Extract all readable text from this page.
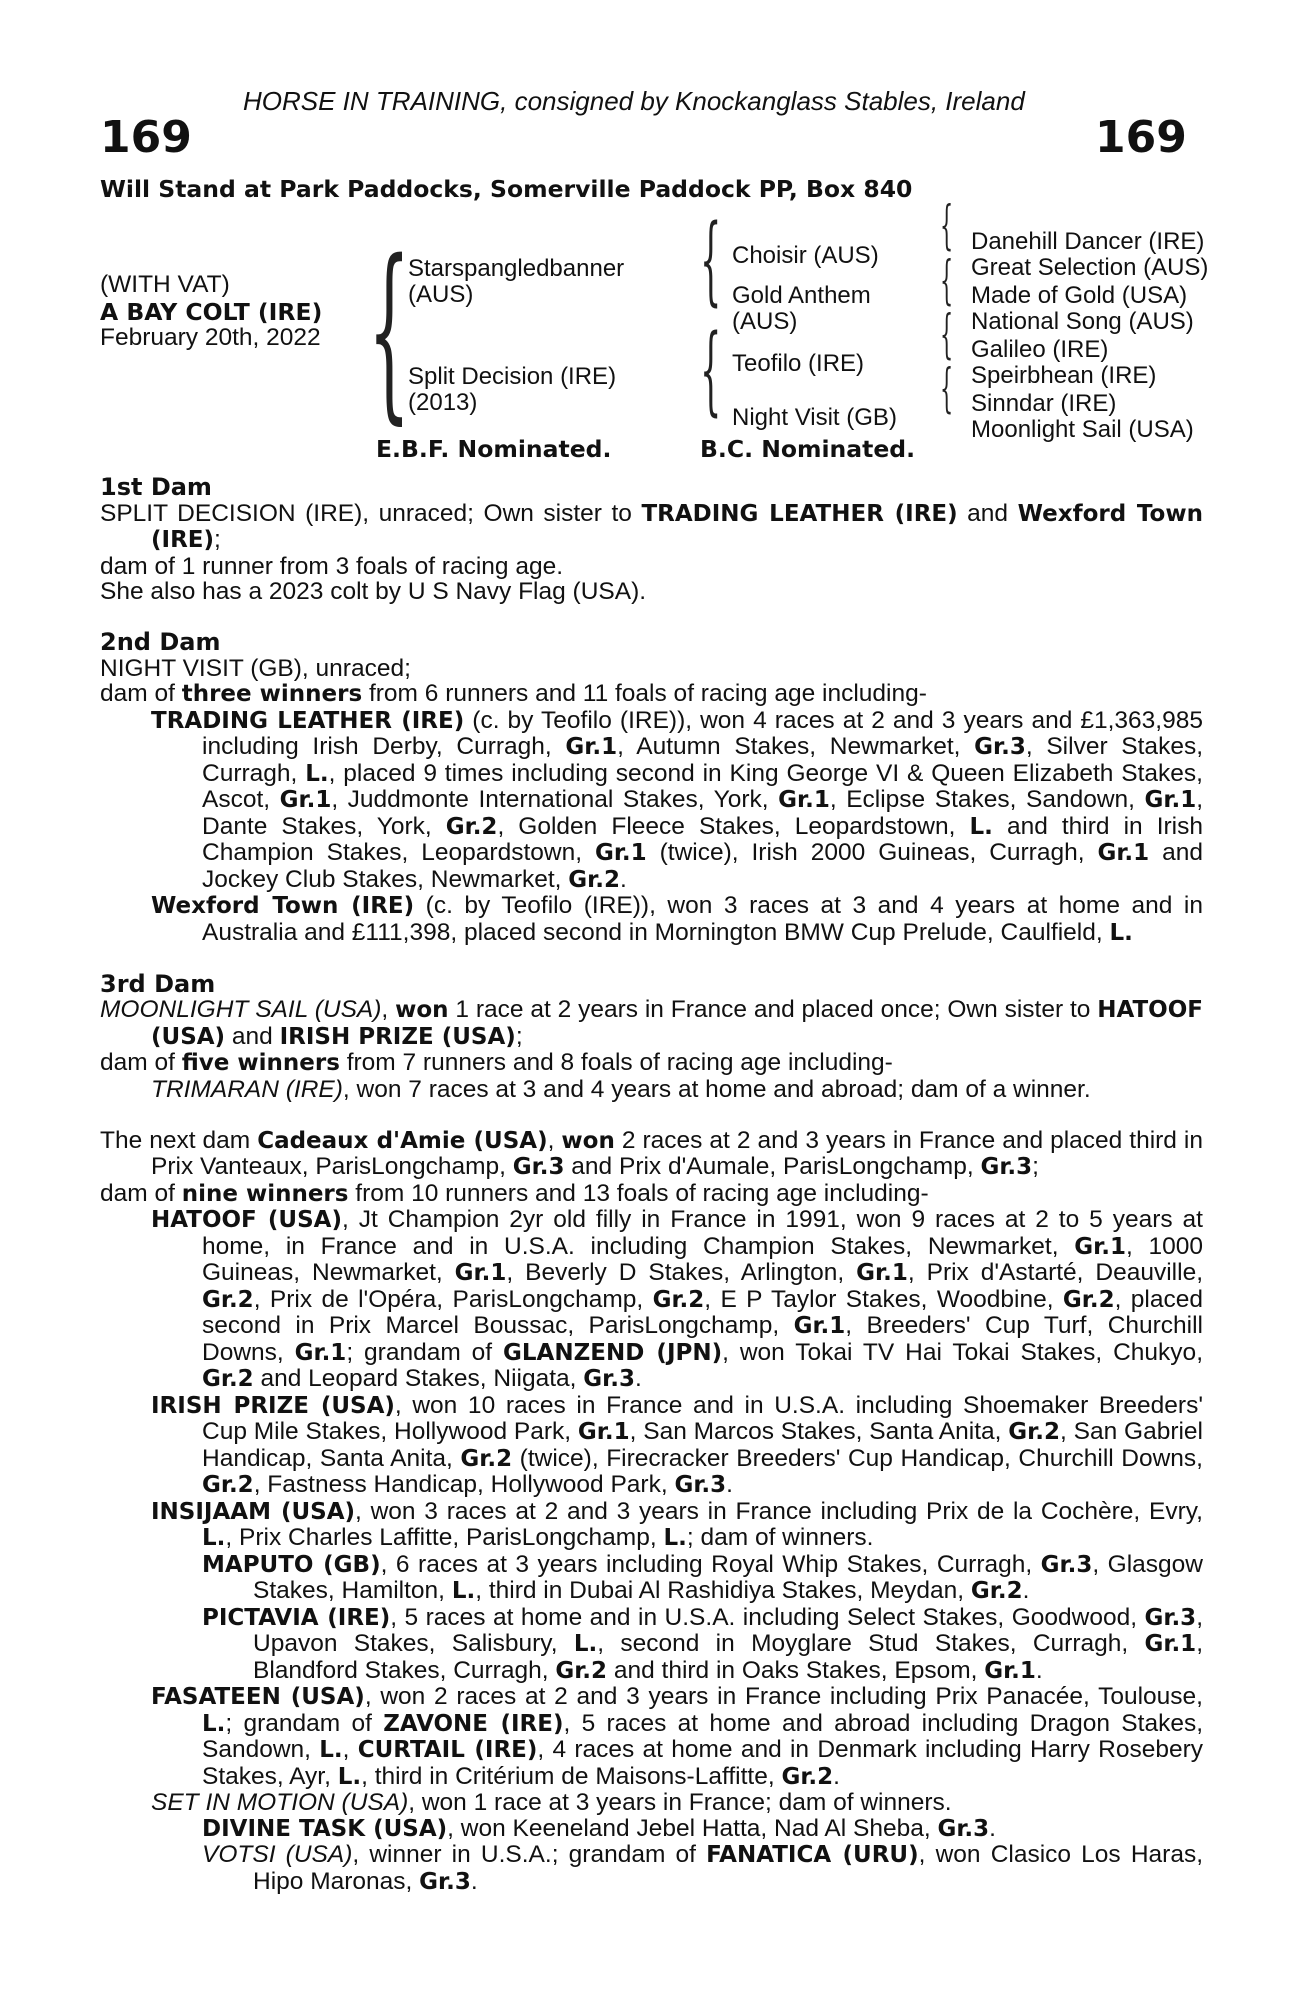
HORSE IN TRAINING, consigned by Knockanglass Stables, Ireland

169	169

Will Stand at Park Paddocks, Somerville Paddock PP, Box 840

(WITH VAT)

A BAY COLT (IRE)

February 20th, 2022 {	{
{
{
{
{
{

Starspangledbanner
(AUS)

Split Decision (IRE)
(2013)

Choisir (AUS)

Gold Anthem
(AUS)

Teofilo (IRE)

Night Visit (GB)

Danehill Dancer (IRE)

Great Selection (AUS)

Made of Gold (USA)

National Song (AUS)

Galileo (IRE)

Speirbhean (IRE)

Sinndar (IRE)

Moonlight Sail (USA)

E.B.F. Nominated.	B.C. Nominated.

1st Dam

SPLIT DECISION (IRE), unraced; Own sister to TRADING LEATHER (IRE) and Wexford Town (IRE);

dam of 1 runner from 3 foals of racing age.

She also has a 2023 colt by U S Navy Flag (USA).

2nd Dam

NIGHT VISIT (GB), unraced;

dam of three winners from 6 runners and 11 foals of racing age including-

TRADING LEATHER (IRE) (c. by Teofilo (IRE)), won 4 races at 2 and 3 years and £1,363,985 including Irish Derby, Curragh, Gr.1, Autumn Stakes, Newmarket, Gr.3, Silver Stakes, Curragh, L., placed 9 times including second in King George VI & Queen Elizabeth Stakes, Ascot, Gr.1, Juddmonte International Stakes, York, Gr.1, Eclipse Stakes, Sandown, Gr.1, Dante Stakes, York, Gr.2, Golden Fleece Stakes, Leopardstown, L. and third in Irish Champion Stakes, Leopardstown, Gr.1 (twice), Irish 2000 Guineas, Curragh, Gr.1 and Jockey Club Stakes, Newmarket, Gr.2.

Wexford Town (IRE) (c. by Teofilo (IRE)), won 3 races at 3 and 4 years at home and in Australia and £111,398, placed second in Mornington BMW Cup Prelude, Caulfield, L.

3rd Dam

MOONLIGHT SAIL (USA), won 1 race at 2 years in France and placed once; Own sister to HATOOF (USA) and IRISH PRIZE (USA);

dam of five winners from 7 runners and 8 foals of racing age including-

TRIMARAN (IRE), won 7 races at 3 and 4 years at home and abroad; dam of a winner.

The next dam Cadeaux d'Amie (USA), won 2 races at 2 and 3 years in France and placed third in Prix Vanteaux, ParisLongchamp, Gr.3 and Prix d'Aumale, ParisLongchamp, Gr.3;

dam of nine winners from 10 runners and 13 foals of racing age including-

HATOOF (USA), Jt Champion 2yr old filly in France in 1991, won 9 races at 2 to 5 years at home, in France and in U.S.A. including Champion Stakes, Newmarket, Gr.1, 1000 Guineas, Newmarket, Gr.1, Beverly D Stakes, Arlington, Gr.1, Prix d'Astarté, Deauville, Gr.2, Prix de l'Opéra, ParisLongchamp, Gr.2, E P Taylor Stakes, Woodbine, Gr.2, placed second in Prix Marcel Boussac, ParisLongchamp, Gr.1, Breeders' Cup Turf, Churchill Downs, Gr.1; grandam of GLANZEND (JPN), won Tokai TV Hai Tokai Stakes, Chukyo, Gr.2 and Leopard Stakes, Niigata, Gr.3.

IRISH PRIZE (USA), won 10 races in France and in U.S.A. including Shoemaker Breeders' Cup Mile Stakes, Hollywood Park, Gr.1, San Marcos Stakes, Santa Anita, Gr.2, San Gabriel Handicap, Santa Anita, Gr.2 (twice), Firecracker Breeders' Cup Handicap, Churchill Downs, Gr.2, Fastness Handicap, Hollywood Park, Gr.3.

INSIJAAM (USA), won 3 races at 2 and 3 years in France including Prix de la Cochère, Evry, L., Prix Charles Laffitte, ParisLongchamp, L.; dam of winners.

MAPUTO (GB), 6 races at 3 years including Royal Whip Stakes, Curragh, Gr.3, Glasgow Stakes, Hamilton, L., third in Dubai Al Rashidiya Stakes, Meydan, Gr.2.

PICTAVIA (IRE), 5 races at home and in U.S.A. including Select Stakes, Goodwood, Gr.3, Upavon Stakes, Salisbury, L., second in Moyglare Stud Stakes, Curragh, Gr.1, Blandford Stakes, Curragh, Gr.2 and third in Oaks Stakes, Epsom, Gr.1.

FASATEEN (USA), won 2 races at 2 and 3 years in France including Prix Panacée, Toulouse, L.; grandam of ZAVONE (IRE), 5 races at home and abroad including Dragon Stakes, Sandown, L., CURTAIL (IRE), 4 races at home and in Denmark including Harry Rosebery Stakes, Ayr, L., third in Critérium de Maisons-Laffitte, Gr.2.

SET IN MOTION (USA), won 1 race at 3 years in France; dam of winners.

DIVINE TASK (USA), won Keeneland Jebel Hatta, Nad Al Sheba, Gr.3.

VOTSI (USA), winner in U.S.A.; grandam of FANATICA (URU), won Clasico Los Haras, Hipo Maronas, Gr.3.
